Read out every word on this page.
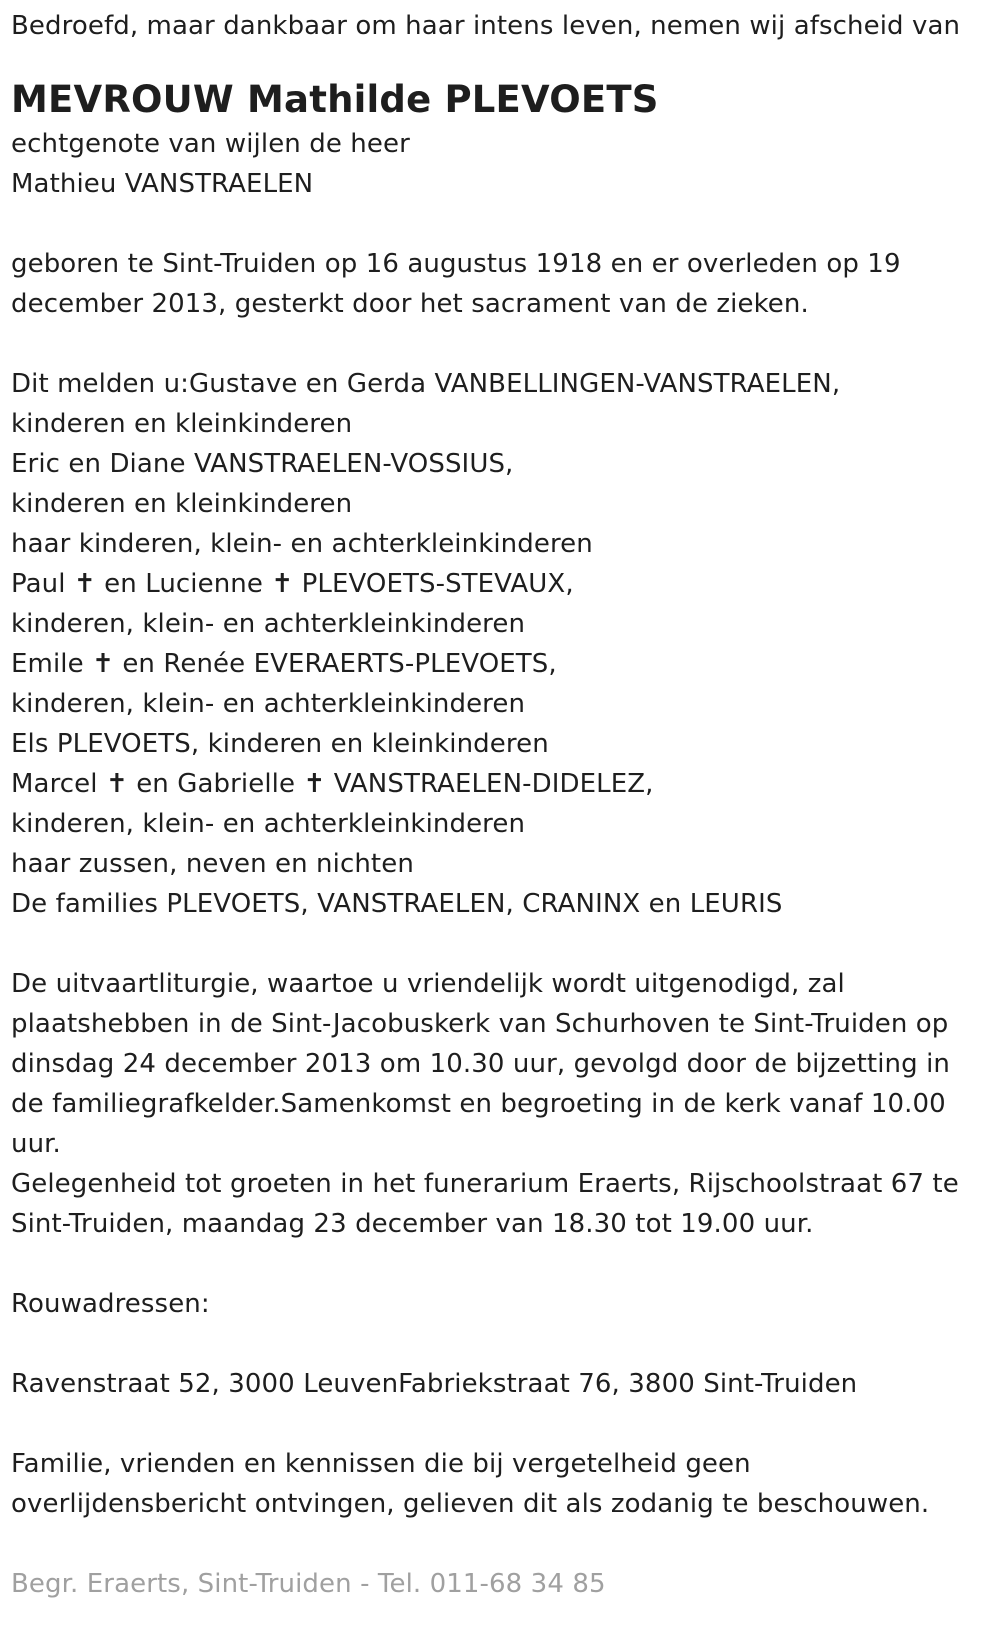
Bedroefd, maar dankbaar om haar intens leven, nemen wij afscheid van
MEVROUW Mathilde PLEVOETS
echtgenote van wijlen de heer
Mathieu VANSTRAELEN
geboren te Sint-Truiden op 16 augustus 1918 en er overleden op 19
december 2013, gesterkt door het sacrament van de zieken.
Dit melden u:Gustave en Gerda VANBELLINGEN-VANSTRAELEN,
kinderen en kleinkinderen
Eric en Diane VANSTRAELEN-VOSSIUS,
kinderen en kleinkinderen
haar kinderen, klein- en achterkleinkinderen
Paul ✝ en Lucienne ✝ PLEVOETS-STEVAUX,
kinderen, klein- en achterkleinkinderen
Emile ✝ en Renée EVERAERTS-PLEVOETS,
kinderen, klein- en achterkleinkinderen
Els PLEVOETS, kinderen en kleinkinderen
Marcel ✝ en Gabrielle ✝ VANSTRAELEN-DIDELEZ,
kinderen, klein- en achterkleinkinderen
haar zussen, neven en nichten
De families PLEVOETS, VANSTRAELEN, CRANINX en LEURIS
De uitvaartliturgie, waartoe u vriendelijk wordt uitgenodigd, zal
plaatshebben in de Sint-Jacobuskerk van Schurhoven te Sint-Truiden op
dinsdag 24 december 2013 om 10.30 uur, gevolgd door de bijzetting in
de familiegrafkelder.Samenkomst en begroeting in de kerk vanaf 10.00
uur.
Gelegenheid tot groeten in het funerarium Eraerts, Rijschoolstraat 67 te
Sint-Truiden, maandag 23 december van 18.30 tot 19.00 uur.
Rouwadressen:
Ravenstraat 52, 3000 LeuvenFabriekstraat 76, 3800 Sint-Truiden
Familie, vrienden en kennissen die bij vergetelheid geen
overlijdensbericht ontvingen, gelieven dit als zodanig te beschouwen.
Begr. Eraerts, Sint-Truiden - Tel. 011-68 34 85
